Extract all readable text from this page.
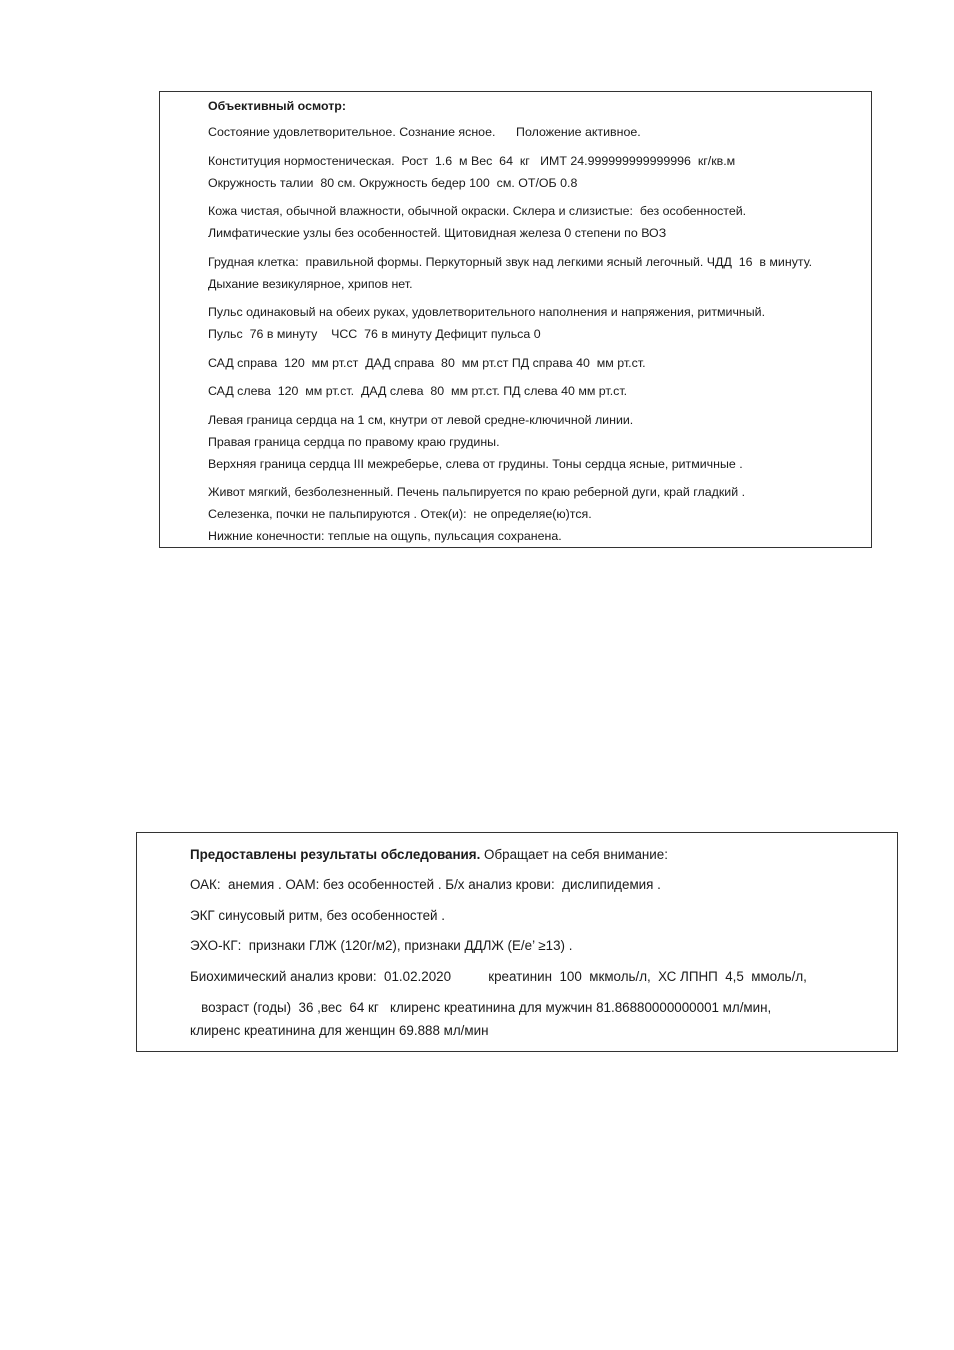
Объективный осмотр:
Состояние удовлетворительное. Сознание ясное.      Положение активное.
Конституция нормостеническая.  Рост  1.6  м Вес  64  кг   ИМТ 24.999999999999996  кг/кв.м
Окружность талии  80 см. Окружность бедер 100  см. ОТ/ОБ 0.8
Кожа чистая, обычной влажности, обычной окраски. Склера и слизистые:  без особенностей.
Лимфатические узлы без особенностей. Щитовидная железа 0 степени по ВОЗ
Грудная клетка:  правильной формы. Перкуторный звук над легкими ясный легочный. ЧДД  16  в минуту.
Дыхание везикулярное, хрипов нет.
Пульс одинаковый на обеих руках, удовлетворительного наполнения и напряжения, ритмичный.
Пульс  76 в минуту    ЧСС  76 в минуту Дефицит пульса 0
САД справа  120  мм рт.ст  ДАД справа  80  мм рт.ст ПД справа 40  мм рт.ст.
САД слева  120  мм рт.ст.  ДАД слева  80  мм рт.ст. ПД слева 40 мм рт.ст.
Левая граница сердца на 1 см, кнутри от левой средне-ключичной линии.
Правая граница сердца по правому краю грудины.
Верхняя граница сердца III межреберье, слева от грудины. Тоны сердца ясные, ритмичные .
Живот мягкий, безболезненный. Печень пальпируется по краю реберной дуги, край гладкий .
Селезенка, почки не пальпируются . Отек(и):  не определяе(ю)тся.
Нижние конечности: теплые на ощупь, пульсация сохранена.
Предоставлены результаты обследования. Обращает на себя внимание:
ОАК:  анемия . ОАМ: без особенностей . Б/х анализ крови:  дислипидемия .
ЭКГ синусовый ритм, без особенностей .
ЭХО-КГ:  признаки ГЛЖ (120г/м2), признаки ДДЛЖ (Е/е’ ≥13) .
Биохимический анализ крови:  01.02.2020          креатинин  100  мкмоль/л,  ХС ЛПНП  4,5  ммоль/л,
возраст (годы)  36 ,вес  64 кг   клиренс креатинина для мужчин 81.86880000000001 мл/мин,
клиренс креатинина для женщин 69.888 мл/мин
